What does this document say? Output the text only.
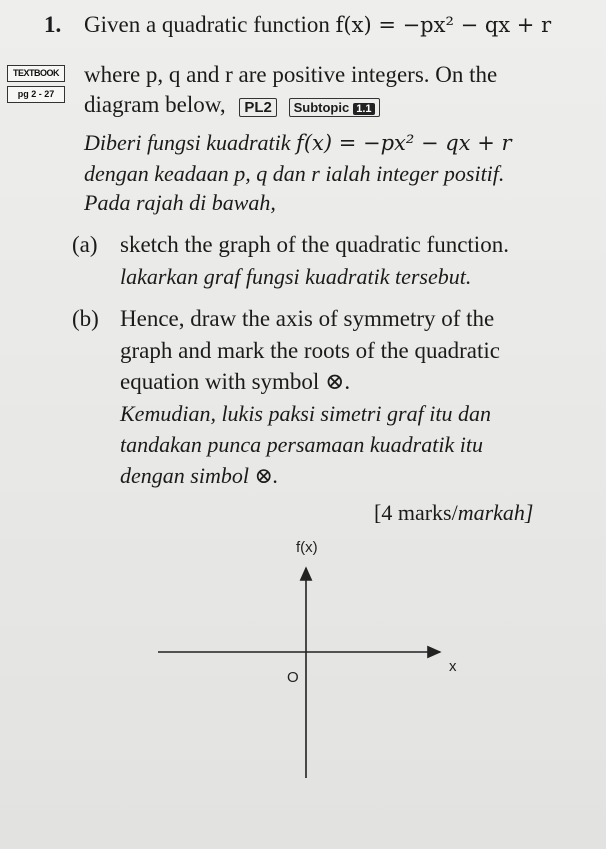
1. Given a quadratic function f(x) = −px² − qx + r
TEXTBOOK
pg 2 - 27
where p, q and r are positive integers. On the
diagram below, PL2 Subtopic 1.1
Diberi fungsi kuadratik f(x) = −px² − qx + r
dengan keadaan p, q dan r ialah integer positif.
Pada rajah di bawah,
(a) sketch the graph of the quadratic function.
lakarkan graf fungsi kuadratik tersebut.
(b) Hence, draw the axis of symmetry of the
graph and mark the roots of the quadratic
equation with symbol ⊗.
Kemudian, lukis paksi simetri graf itu dan
tandakan punca persamaan kuadratik itu
dengan simbol ⊗.
[4 marks/markah]
f(x)
x
O
